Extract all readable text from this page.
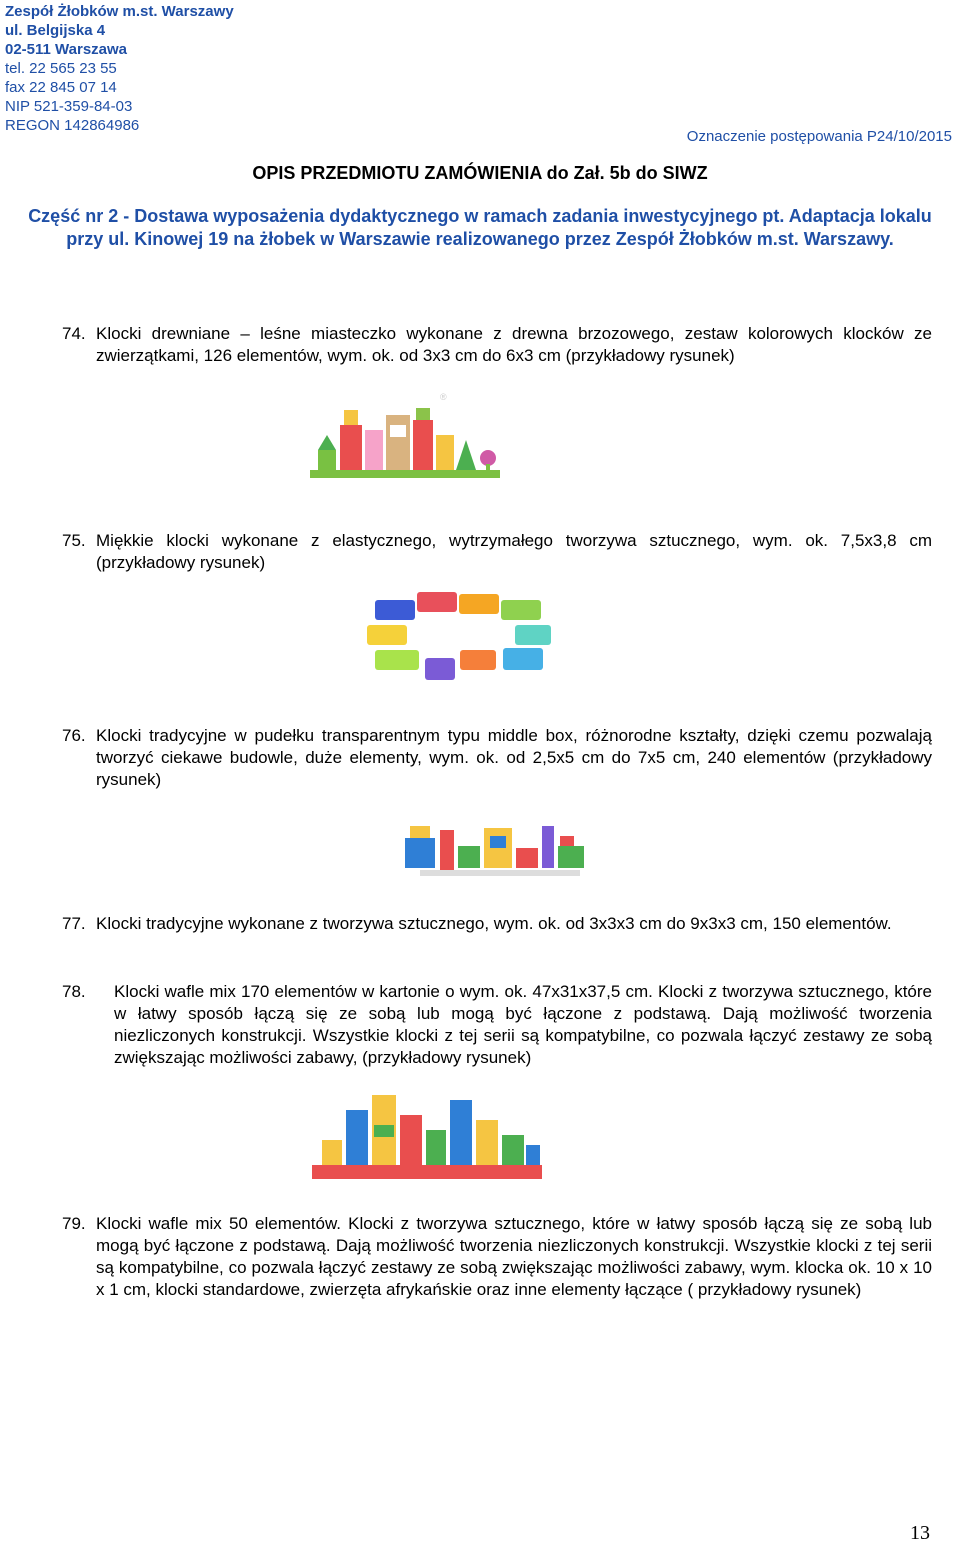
Zespół Żłobków m.st. Warszawy
ul. Belgijska 4
02-511 Warszawa
tel. 22 565 23 55
fax 22 845 07 14
NIP 521-359-84-03
REGON 142864986
Oznaczenie postępowania P24/10/2015
OPIS PRZEDMIOTU ZAMÓWIENIA do Zał. 5b do SIWZ
Część nr 2 - Dostawa wyposażenia dydaktycznego w ramach zadania inwestycyjnego pt. Adaptacja lokalu przy ul. Kinowej 19 na żłobek w Warszawie realizowanego przez Zespół Żłobków m.st. Warszawy.
74. Klocki drewniane – leśne miasteczko wykonane z drewna brzozowego, zestaw kolorowych klocków ze zwierzątkami, 126 elementów, wym. ok. od 3x3 cm do 6x3 cm (przykładowy rysunek)
®
75. Miękkie klocki wykonane z elastycznego, wytrzymałego tworzywa sztucznego, wym. ok. 7,5x3,8 cm (przykładowy rysunek)
76. Klocki tradycyjne w pudełku transparentnym typu middle box, różnorodne kształty, dzięki czemu pozwalają tworzyć ciekawe budowle, duże elementy, wym. ok. od 2,5x5 cm do 7x5 cm, 240 elementów (przykładowy rysunek)
77. Klocki tradycyjne wykonane z tworzywa sztucznego, wym. ok. od 3x3x3 cm do 9x3x3 cm, 150 elementów.
78. Klocki wafle mix 170 elementów w kartonie o wym. ok. 47x31x37,5 cm. Klocki z tworzywa sztucznego, które w łatwy sposób łączą się ze sobą lub mogą być łączone z podstawą. Dają możliwość tworzenia niezliczonych konstrukcji. Wszystkie klocki z tej serii są kompatybilne, co pozwala łączyć zestawy ze sobą zwiększając możliwości zabawy, (przykładowy rysunek)
79. Klocki wafle mix 50 elementów. Klocki z tworzywa sztucznego, które w łatwy sposób łączą się ze sobą lub mogą być łączone z podstawą. Dają możliwość tworzenia niezliczonych konstrukcji. Wszystkie klocki z tej serii są kompatybilne, co pozwala łączyć zestawy ze sobą zwiększając możliwości zabawy, wym. klocka ok. 10 x 10 x 1 cm, klocki standardowe, zwierzęta afrykańskie oraz inne elementy łączące ( przykładowy rysunek)
13
